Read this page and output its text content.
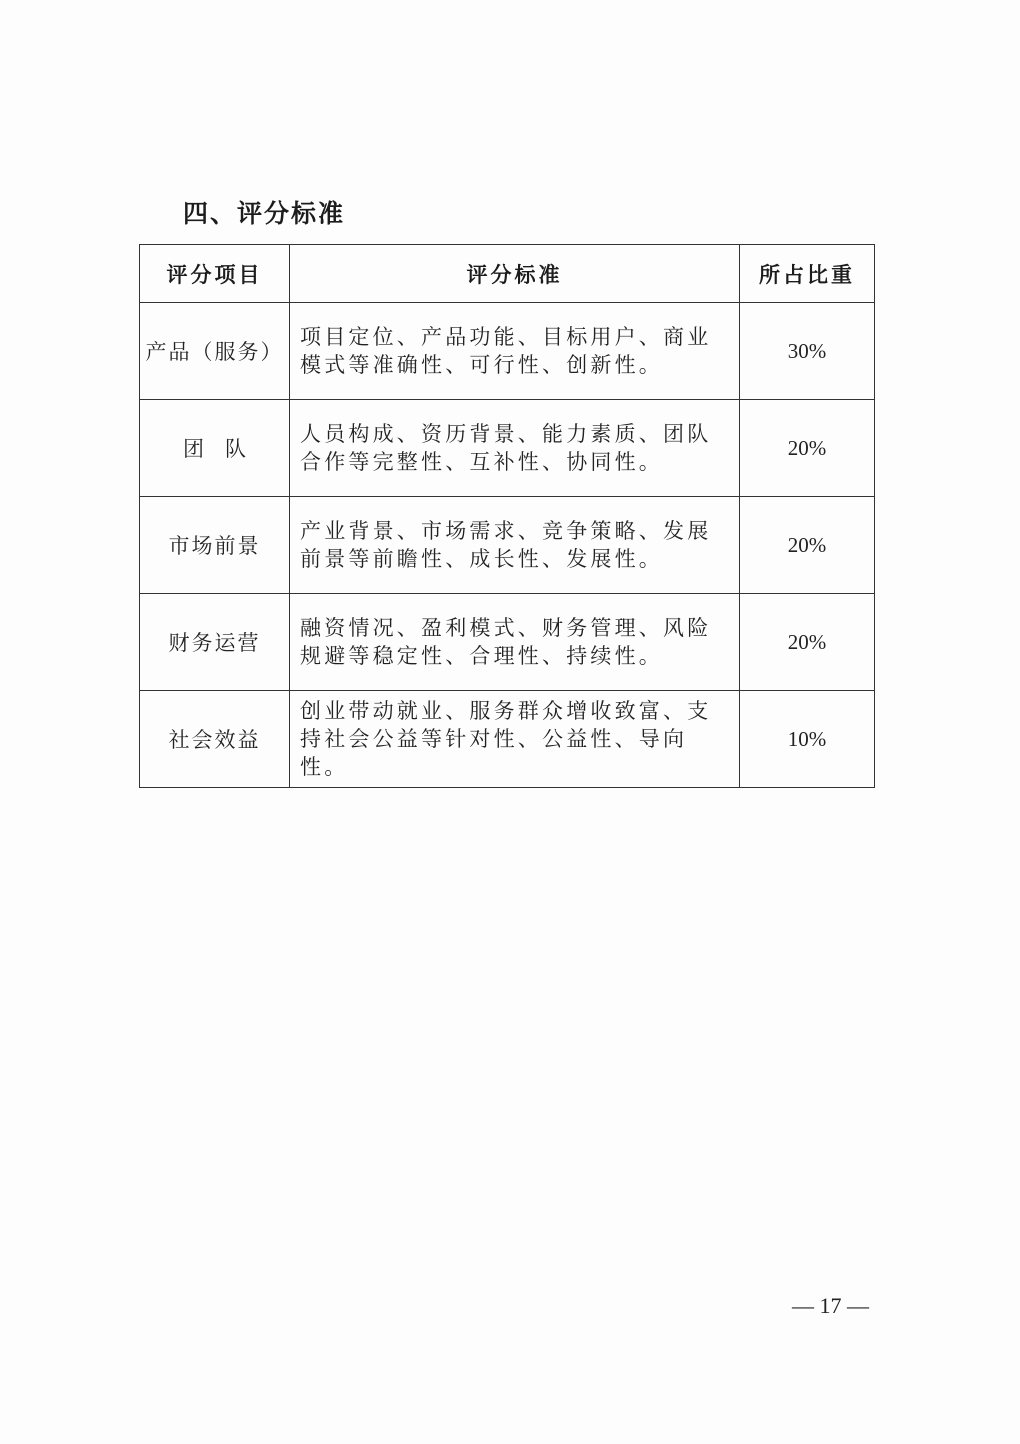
四、评分标准
评分项目	评分标准	所占比重
产品（服务）	项目定位、产品功能、目标用户、商业模式等准确性、可行性、创新性。	30%
团　队	人员构成、资历背景、能力素质、团队合作等完整性、互补性、协同性。	20%
市场前景	产业背景、市场需求、竞争策略、发展前景等前瞻性、成长性、发展性。	20%
财务运营	融资情况、盈利模式、财务管理、风险规避等稳定性、合理性、持续性。	20%
社会效益	创业带动就业、服务群众增收致富、支持社会公益等针对性、公益性、导向性。	10%
— 17 —
